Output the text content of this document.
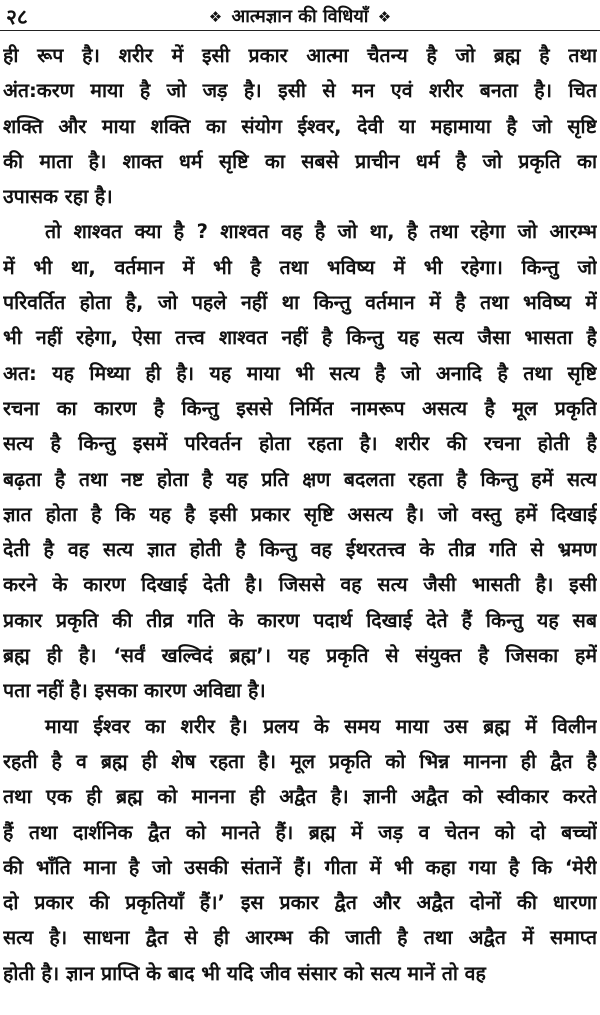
२८	❖ आत्मज्ञान की विधियाँ ❖
ही रूप है। शरीर में इसी प्रकार आत्मा चैतन्य है जो ब्रह्म है तथा
अंत:करण माया है जो जड़ है। इसी से मन एवं शरीर बनता है। चित
शक्ति और माया शक्ति का संयोग ईश्वर, देवी या महामाया है जो सृष्टि
की माता है। शाक्त धर्म सृष्टि का सबसे प्राचीन धर्म है जो प्रकृति का
उपासक रहा है।
तो शाश्वत क्या है ? शाश्वत वह है जो था, है तथा रहेगा जो आरम्भ
में भी था, वर्तमान में भी है तथा भविष्य में भी रहेगा। किन्तु जो
परिवर्तित होता है, जो पहले नहीं था किन्तु वर्तमान में है तथा भविष्य में
भी नहीं रहेगा, ऐसा तत्त्व शाश्वत नहीं है किन्तु यह सत्य जैसा भासता है
अत: यह मिथ्या ही है। यह माया भी सत्य है जो अनादि है तथा सृष्टि
रचना का कारण है किन्तु इससे निर्मित नामरूप असत्य है मूल प्रकृति
सत्य है किन्तु इसमें परिवर्तन होता रहता है। शरीर की रचना होती है
बढ़ता है तथा नष्ट होता है यह प्रति क्षण बदलता रहता है किन्तु हमें सत्य
ज्ञात होता है कि यह है इसी प्रकार सृष्टि असत्य है। जो वस्तु हमें दिखाई
देती है वह सत्य ज्ञात होती है किन्तु वह ईथरतत्त्व के तीव्र गति से भ्रमण
करने के कारण दिखाई देती है। जिससे वह सत्य जैसी भासती है। इसी
प्रकार प्रकृति की तीव्र गति के कारण पदार्थ दिखाई देते हैं किन्तु यह सब
ब्रह्म ही है। ‘सर्वं खल्विदं ब्रह्म’। यह प्रकृति से संयुक्त है जिसका हमें
पता नहीं है। इसका कारण अविद्या है।
माया ईश्वर का शरीर है। प्रलय के समय माया उस ब्रह्म में विलीन
रहती है व ब्रह्म ही शेष रहता है। मूल प्रकृति को भिन्न मानना ही द्वैत है
तथा एक ही ब्रह्म को मानना ही अद्वैत है। ज्ञानी अद्वैत को स्वीकार करते
हैं तथा दार्शनिक द्वैत को मानते हैं। ब्रह्म में जड़ व चेतन को दो बच्चों
की भाँति माना है जो उसकी संतानें हैं। गीता में भी कहा गया है कि ‘मेरी
दो प्रकार की प्रकृतियाँ हैं।’ इस प्रकार द्वैत और अद्वैत दोनों की धारणा
सत्य है। साधना द्वैत से ही आरम्भ की जाती है तथा अद्वैत में समाप्त
होती है। ज्ञान प्राप्ति के बाद भी यदि जीव संसार को सत्य मानें तो वह
